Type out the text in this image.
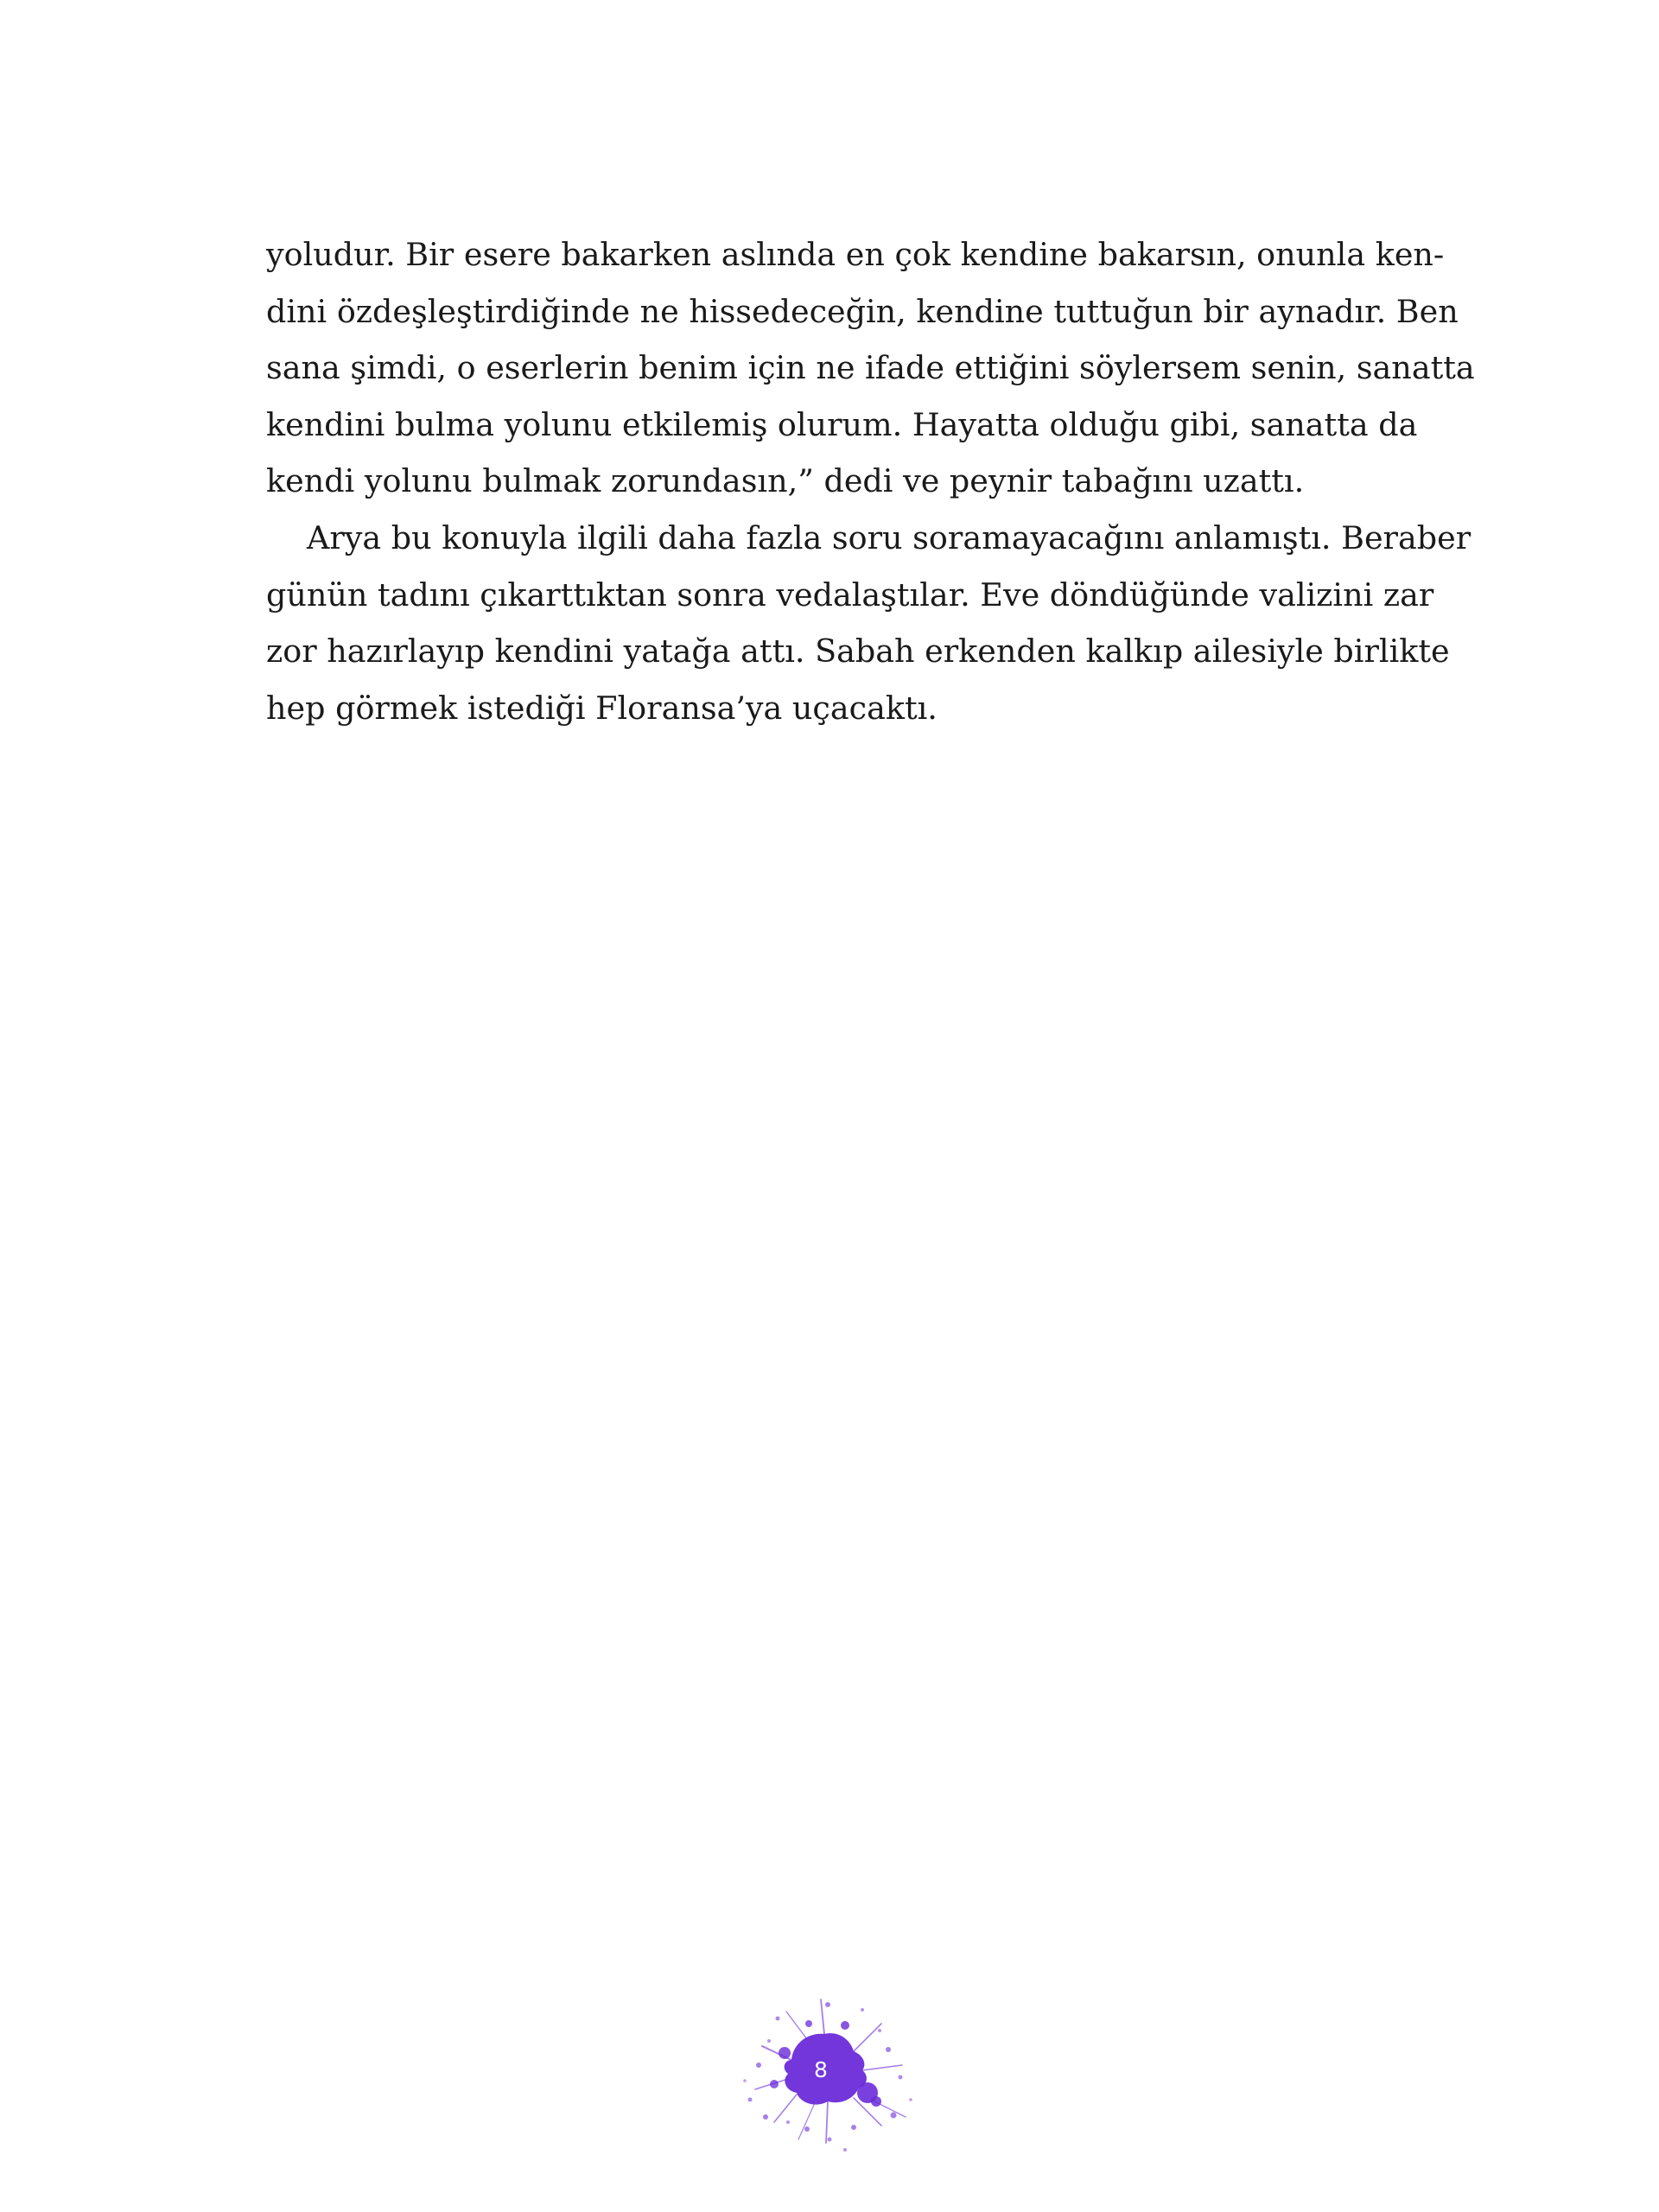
yoludur. Bir esere bakarken aslında en çok kendine bakarsın, onunla ken-
dini özdeşleştirdiğinde ne hissedeceğin, kendine tuttuğun bir aynadır. Ben
sana şimdi, o eserlerin benim için ne ifade ettiğini söylersem senin, sanatta
kendini bulma yolunu etkilemiş olurum. Hayatta olduğu gibi, sanatta da
kendi yolunu bulmak zorundasın,” dedi ve peynir tabağını uzattı.
Arya bu konuyla ilgili daha fazla soru soramayacağını anlamıştı. Beraber
günün tadını çıkarttıktan sonra vedalaştılar. Eve döndüğünde valizini zar
zor hazırlayıp kendini yatağa attı. Sabah erkenden kalkıp ailesiyle birlikte
hep görmek istediği Floransa’ya uçacaktı.
8
